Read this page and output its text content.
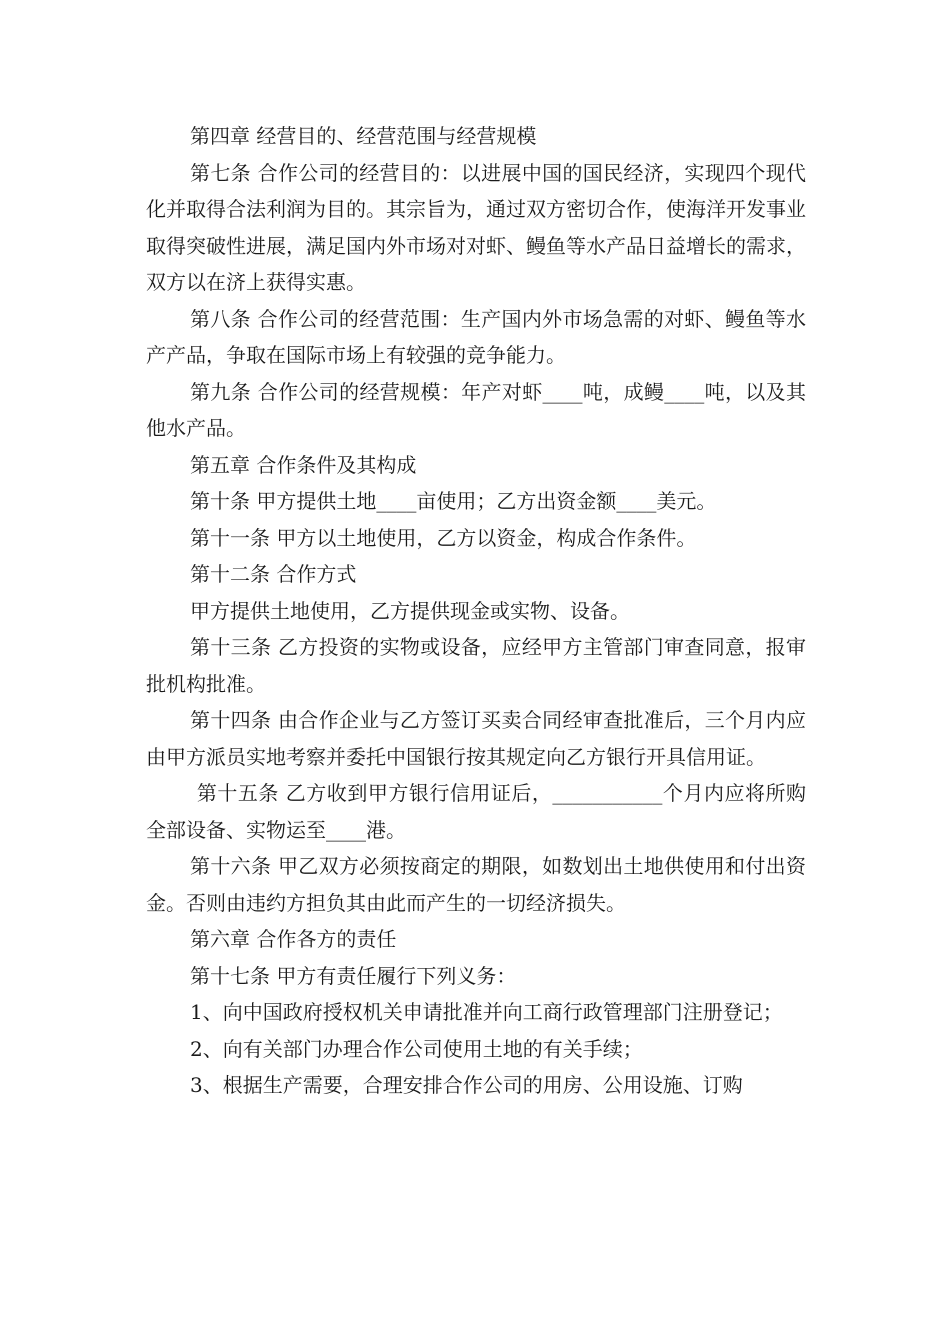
第四章 经营目的、经营范围与经营规模

第七条 合作公司的经营目的：以进展中国的国民经济，实现四个现代化并取得合法利润为目的。其宗旨为，通过双方密切合作，使海洋开发事业取得突破性进展，满足国内外市场对对虾、鳗鱼等水产品日益增长的需求，双方以在济上获得实惠。

第八条 合作公司的经营范围：生产国内外市场急需的对虾、鳗鱼等水产产品，争取在国际市场上有较强的竞争能力。

第九条 合作公司的经营规模：年产对虾____吨，成鳗____吨，以及其他水产品。

第五章 合作条件及其构成

第十条 甲方提供土地____亩使用；乙方出资金额____美元。

第十一条 甲方以土地使用，乙方以资金，构成合作条件。

第十二条 合作方式

甲方提供土地使用，乙方提供现金或实物、设备。

第十三条 乙方投资的实物或设备，应经甲方主管部门审查同意，报审批机构批准。

第十四条 由合作企业与乙方签订买卖合同经审查批准后，三个月内应由甲方派员实地考察并委托中国银行按其规定向乙方银行开具信用证。

第十五条 乙方收到甲方银行信用证后，___________个月内应将所购全部设备、实物运至____港。

第十六条 甲乙双方必须按商定的期限，如数划出土地供使用和付出资金。否则由违约方担负其由此而产生的一切经济损失。

第六章 合作各方的责任

第十七条 甲方有责任履行下列义务：

1、向中国政府授权机关申请批准并向工商行政管理部门注册登记；

2、向有关部门办理合作公司使用土地的有关手续；

3、根据生产需要，合理安排合作公司的用房、公用设施、订购
